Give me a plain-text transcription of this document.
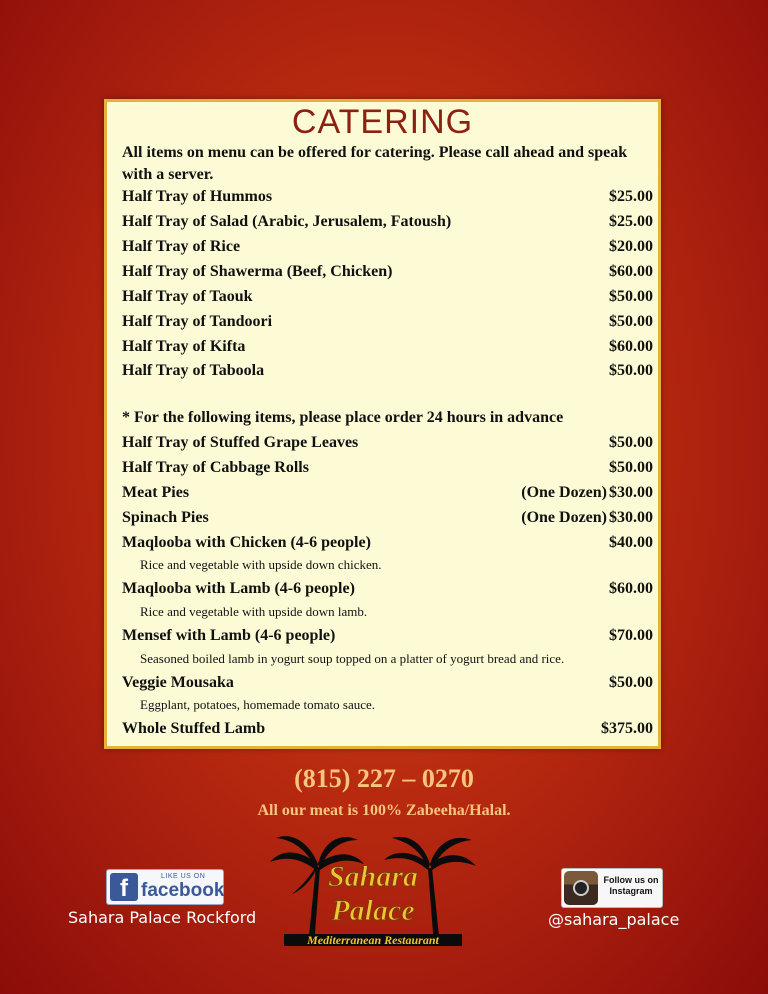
CATERING
All items on menu can be offered for catering. Please call ahead and speak with a server.
Half Tray of Hummos	$25.00
Half Tray of Salad (Arabic, Jerusalem, Fatoush)	$25.00
Half Tray of Rice	$20.00
Half Tray of Shawerma (Beef, Chicken)	$60.00
Half Tray of Taouk	$50.00
Half Tray of Tandoori	$50.00
Half Tray of Kifta	$60.00
Half Tray of Taboola	$50.00
* For the following items, please place order 24 hours in advance
Half Tray of Stuffed Grape Leaves	$50.00
Half Tray of Cabbage Rolls	$50.00
Meat Pies	(One Dozen) $30.00
Spinach Pies	(One Dozen) $30.00
Maqlooba with Chicken (4-6 people)	$40.00
Rice and vegetable with upside down chicken.
Maqlooba with Lamb (4-6 people)	$60.00
Rice and vegetable with upside down lamb.
Mensef with Lamb (4-6 people)	$70.00
Seasoned boiled lamb in yogurt soup topped on a platter of yogurt bread and rice.
Veggie Mousaka	$50.00
Eggplant, potatoes, homemade tomato sauce.
Whole Stuffed Lamb	$375.00
(815) 227 – 0270
All our meat is 100% Zabeeha/Halal.
f	LIKE US ON
facebook
Sahara Palace Rockford
Sahara
Palace
Mediterranean Restaurant
Follow us on
Instagram
@sahara_palace
